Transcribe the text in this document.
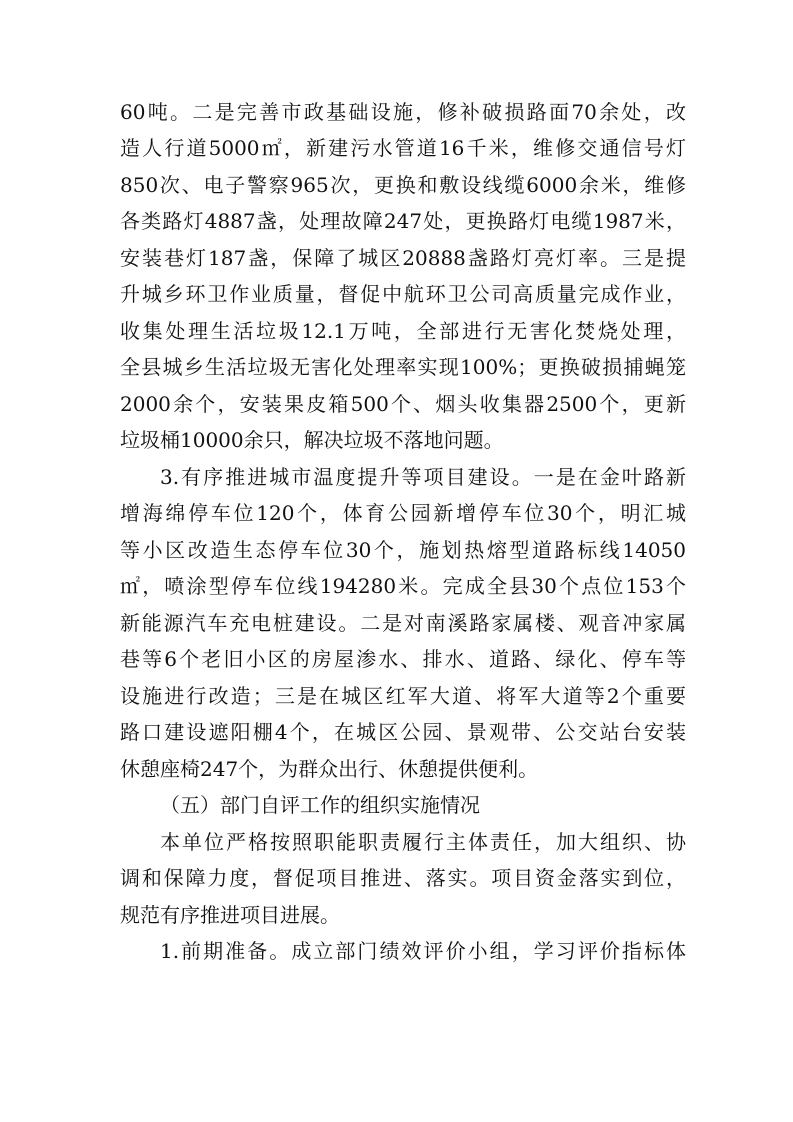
60吨。二是完善市政基础设施，修补破损路面70余处，改
造人行道5000㎡，新建污水管道16千米，维修交通信号灯
850次、电子警察965次，更换和敷设线缆6000余米，维修
各类路灯4887盏，处理故障247处，更换路灯电缆1987米，
安装巷灯187盏，保障了城区20888盏路灯亮灯率。三是提
升城乡环卫作业质量，督促中航环卫公司高质量完成作业，
收集处理生活垃圾12.1万吨，全部进行无害化焚烧处理，
全县城乡生活垃圾无害化处理率实现100%；更换破损捕蝇笼
2000余个，安装果皮箱500个、烟头收集器2500个，更新
垃圾桶10000余只，解决垃圾不落地问题。
3.有序推进城市温度提升等项目建设。一是在金叶路新
增海绵停车位120个，体育公园新增停车位30个，明汇城
等小区改造生态停车位30个，施划热熔型道路标线14050
㎡，喷涂型停车位线194280米。完成全县30个点位153个
新能源汽车充电桩建设。二是对南溪路家属楼、观音冲家属
巷等6个老旧小区的房屋渗水、排水、道路、绿化、停车等
设施进行改造；三是在城区红军大道、将军大道等2个重要
路口建设遮阳棚4个，在城区公园、景观带、公交站台安装
休憩座椅247个，为群众出行、休憩提供便利。
（五）部门自评工作的组织实施情况
本单位严格按照职能职责履行主体责任，加大组织、协
调和保障力度，督促项目推进、落实。项目资金落实到位，
规范有序推进项目进展。
1.前期准备。成立部门绩效评价小组，学习评价指标体
